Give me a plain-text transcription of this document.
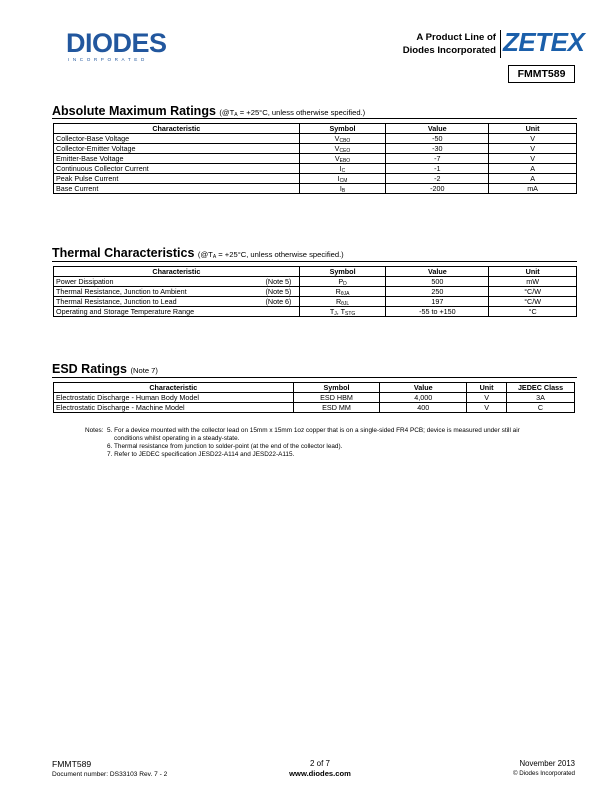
DIODES
INCORPORATED
A Product Line of
Diodes Incorporated ZETEX
FMMT589
Absolute Maximum Ratings ($@T_A = +25^\circ C$, unless otherwise specified.)
Characteristic	Symbol	Value	Unit
Collector-Base Voltage	$V_{CBO}$	-50	V
Collector-Emitter Voltage	$V_{CEO}$	-30	V
Emitter-Base Voltage	$V_{EBO}$	-7	V
Continuous Collector Current	$I_C$	-1	A
Peak Pulse Current	$I_{CM}$	-2	A
Base Current	$I_B$	-200	mA
Thermal Characteristics ($@T_A = +25^\circ C$, unless otherwise specified.)
Characteristic		Symbol	Value	Unit
Power Dissipation	(Note 5)	$P_D$	500	mW
Thermal Resistance, Junction to Ambient	(Note 5)	$R_{\theta JA}$	250	°C/W
Thermal Resistance, Junction to Lead	(Note 6)	$R_{\theta JL}$	197	°C/W
Operating and Storage Temperature Range		$T_J$, $T_{STG}$	-55 to +150	°C
ESD Ratings (Note 7)
Characteristic	Symbol	Value	Unit	JEDEC Class
Electrostatic Discharge - Human Body Model	ESD HBM	4,000	V	3A
Electrostatic Discharge - Machine Model	ESD MM	400	V	C
Notes: 5. For a device mounted with the collector lead on 15mm x 15mm 1oz copper that is on a single-sided FR4 PCB; device is measured under still air
conditions whilst operating in a steady-state.
6. Thermal resistance from junction to solder-point (at the end of the collector lead).
7. Refer to JEDEC specification JESD22-A114 and JESD22-A115.
FMMT589
Document number: DS33103 Rev. 7 - 2
2 of 7
www.diodes.com
November 2013
© Diodes Incorporated
